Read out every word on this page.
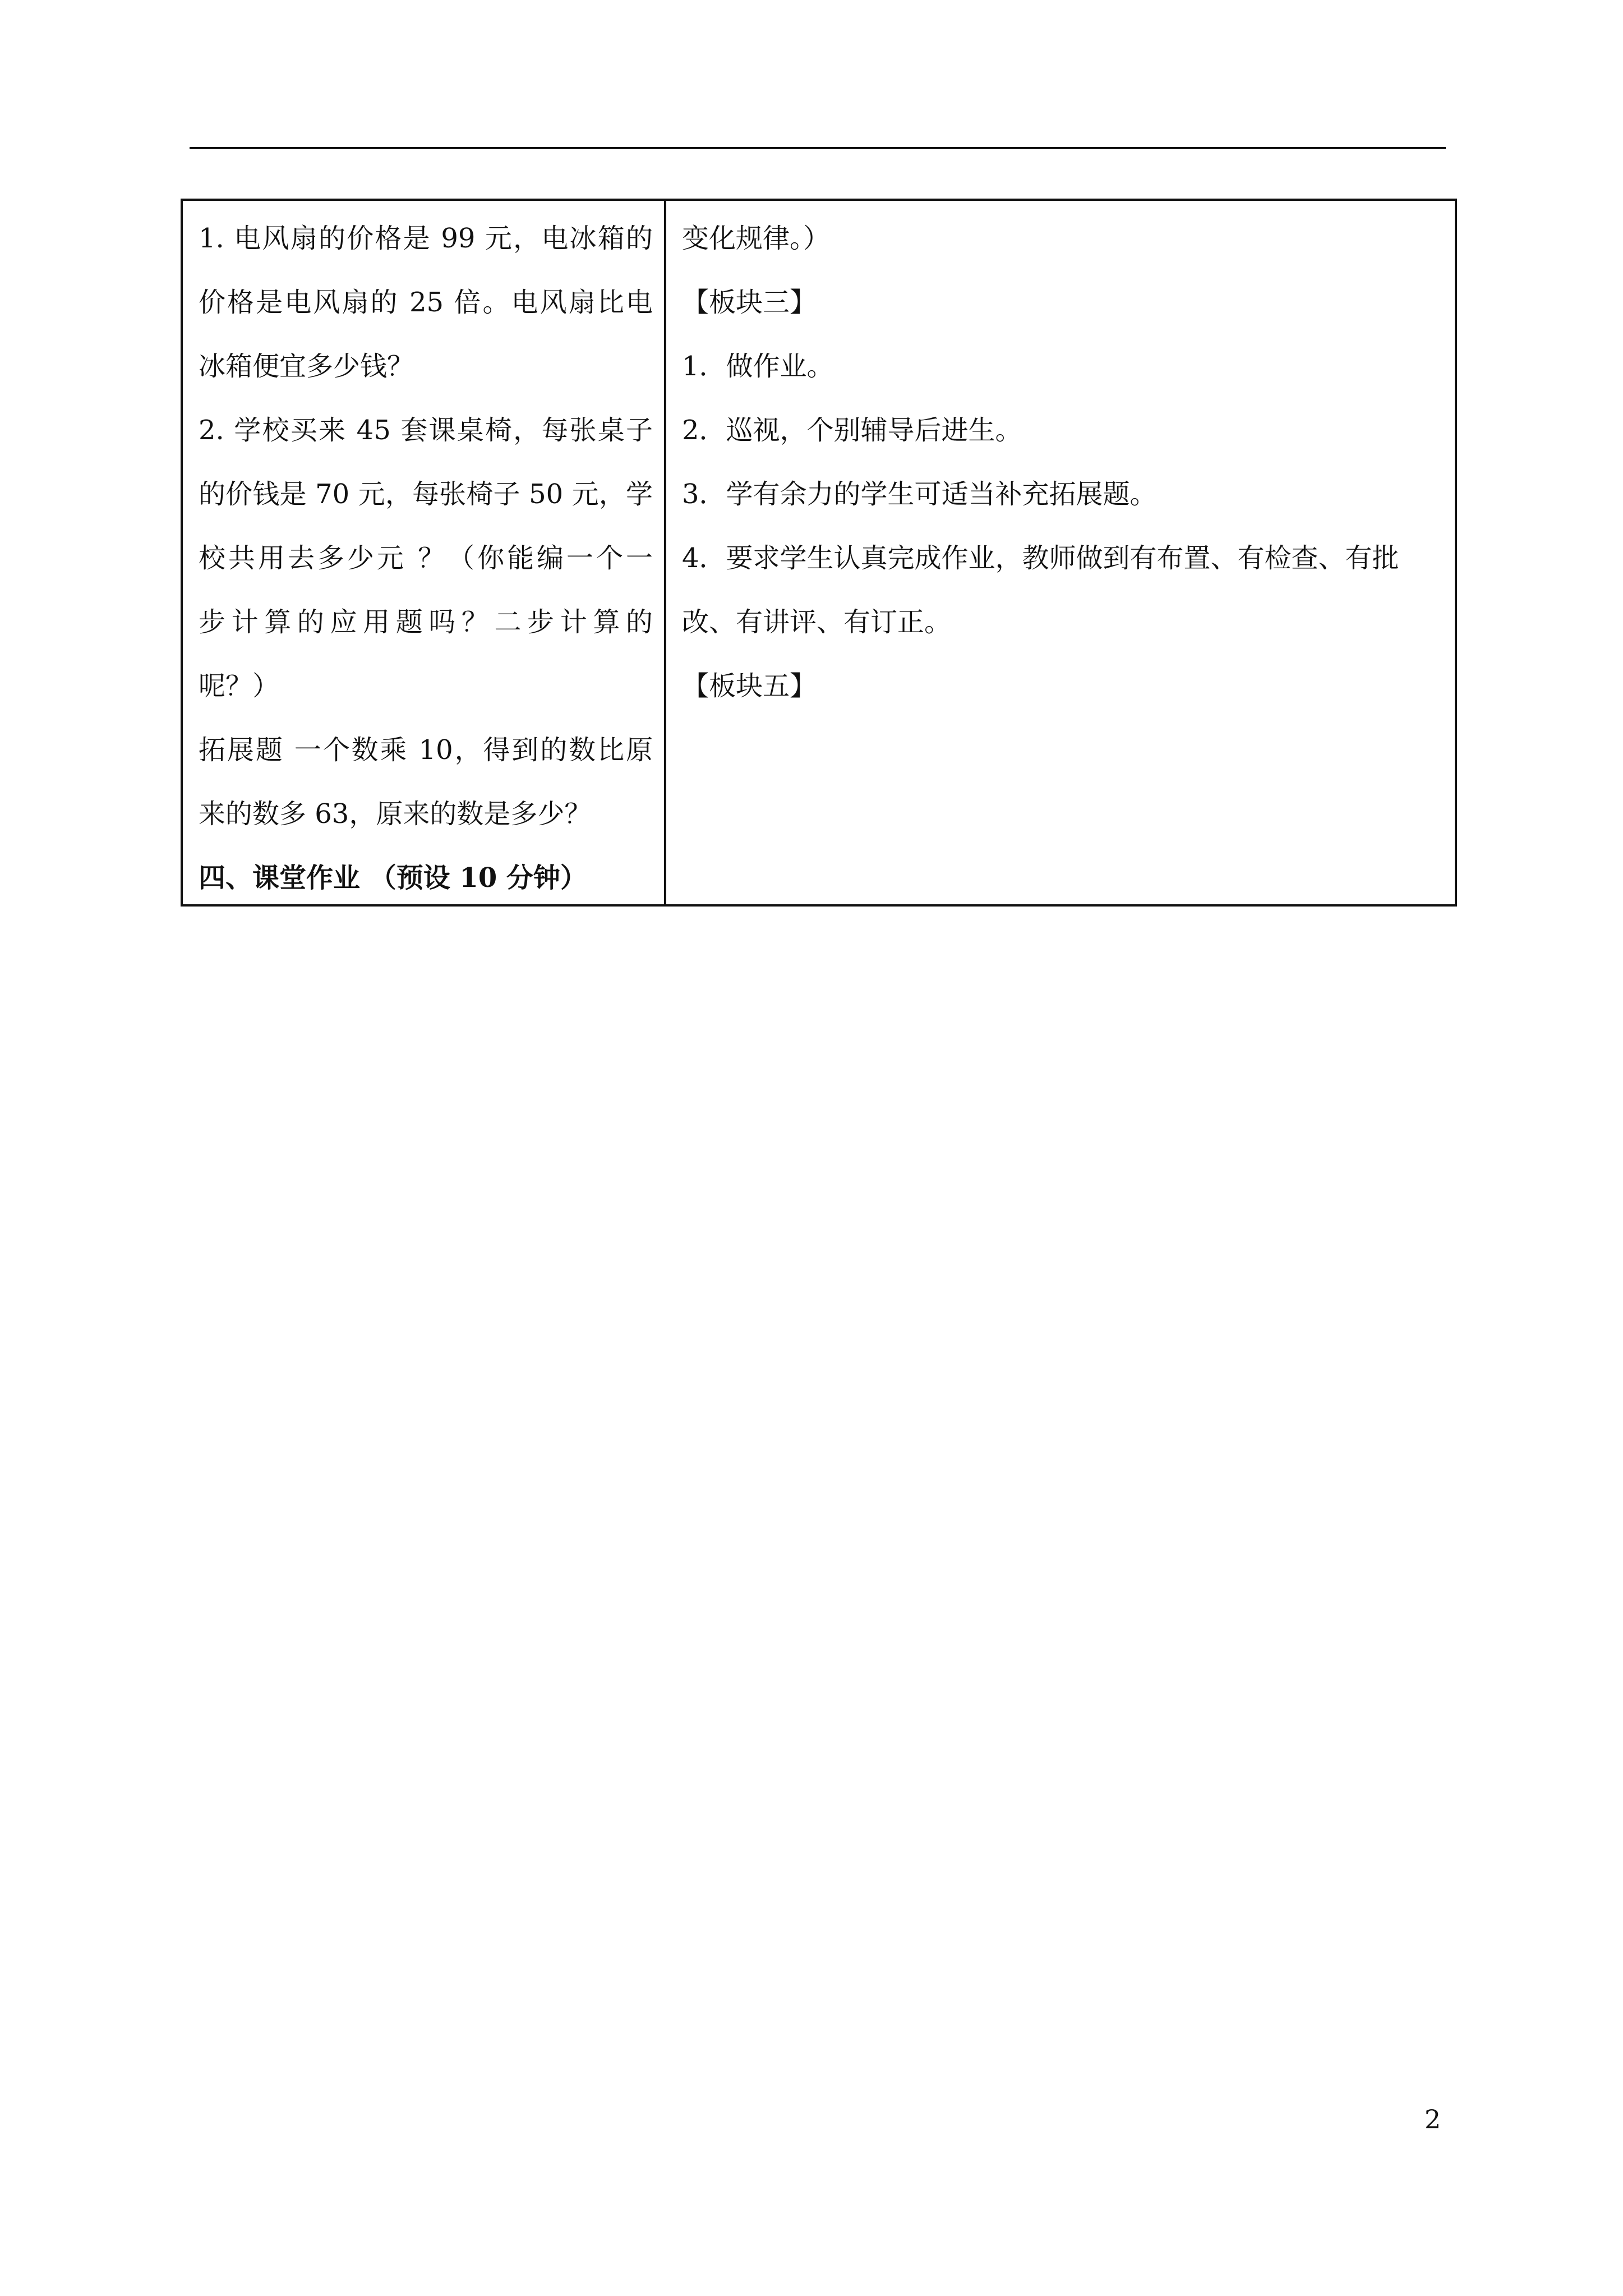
1. 电风扇的价格是 99 元，电冰箱的
价格是电风扇的 25 倍。电风扇比电
冰箱便宜多少钱？
2. 学校买来 45 套课桌椅，每张桌子
的价钱是 70 元，每张椅子 50 元，学
校共用去多少元 ？（你能编一个一
步计算的应用题吗？二步计算的
呢？）
拓展题 一个数乘 10，得到的数比原
来的数多 63，原来的数是多少？
四、课堂作业 （预设 10 分钟）
变化规律。）
【板块三】
1．做作业。
2．巡视，个别辅导后进生。
3．学有余力的学生可适当补充拓展题。
4．要求学生认真完成作业，教师做到有布置、有检查、有批
改、有讲评、有订正。
【板块五】
2
